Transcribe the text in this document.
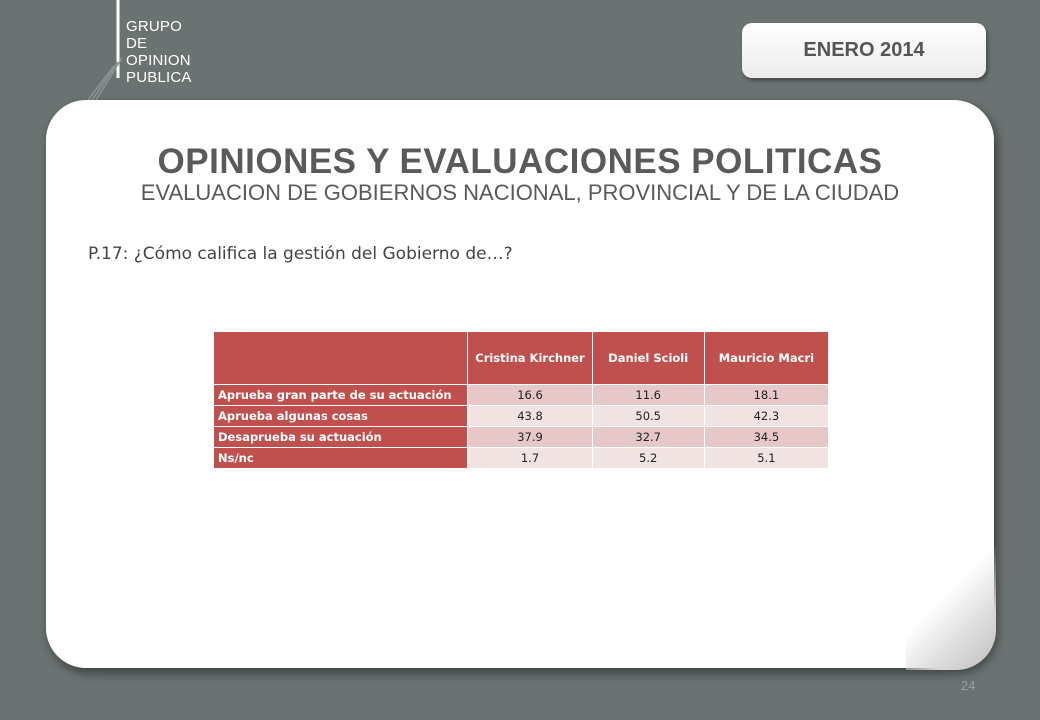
GRUPO
DE
OPINION
PUBLICA
ENERO 2014
OPINIONES Y EVALUACIONES POLITICAS
EVALUACION DE GOBIERNOS NACIONAL, PROVINCIAL Y DE LA CIUDAD
P.17: ¿Cómo califica la gestión del Gobierno de…?
	Cristina Kirchner	Daniel Scioli	Mauricio Macri
Aprueba gran parte de su actuación	16.6	11.6	18.1
Aprueba algunas cosas	43.8	50.5	42.3
Desaprueba su actuación	37.9	32.7	34.5
Ns/nc	1.7	5.2	5.1
24
